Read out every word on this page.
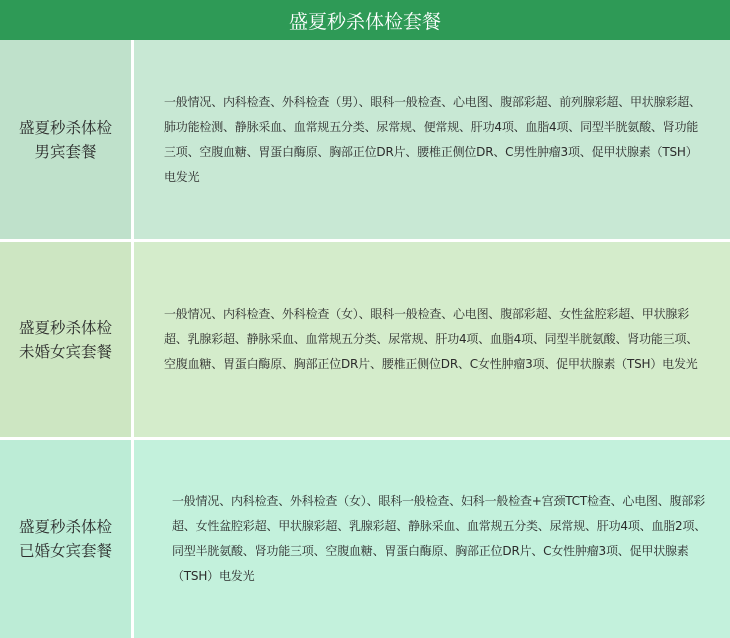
盛夏秒杀体检套餐
盛夏秒杀体检
男宾套餐

一般情况、内科检查、外科检查（男）、眼科一般检查、心电图、腹部彩超、前列腺彩超、甲状腺彩超、肺功能检测、静脉采血、血常规五分类、尿常规、便常规、肝功4项、血脂4项、同型半胱氨酸、肾功能三项、空腹血糖、胃蛋白酶原、胸部正位DR片、腰椎正侧位DR、C男性肿瘤3项、促甲状腺素（TSH）电发光

盛夏秒杀体检
未婚女宾套餐

一般情况、内科检查、外科检查（女）、眼科一般检查、心电图、腹部彩超、女性盆腔彩超、甲状腺彩超、乳腺彩超、静脉采血、血常规五分类、尿常规、肝功4项、血脂4项、同型半胱氨酸、肾功能三项、空腹血糖、胃蛋白酶原、胸部正位DR片、腰椎正侧位DR、C女性肿瘤3项、促甲状腺素（TSH）电发光

盛夏秒杀体检
已婚女宾套餐

一般情况、内科检查、外科检查（女）、眼科一般检查、妇科一般检查+宫颈TCT检查、心电图、腹部彩超、女性盆腔彩超、甲状腺彩超、乳腺彩超、静脉采血、血常规五分类、尿常规、肝功4项、血脂2项、同型半胱氨酸、肾功能三项、空腹血糖、胃蛋白酶原、胸部正位DR片、C女性肿瘤3项、促甲状腺素（TSH）电发光
